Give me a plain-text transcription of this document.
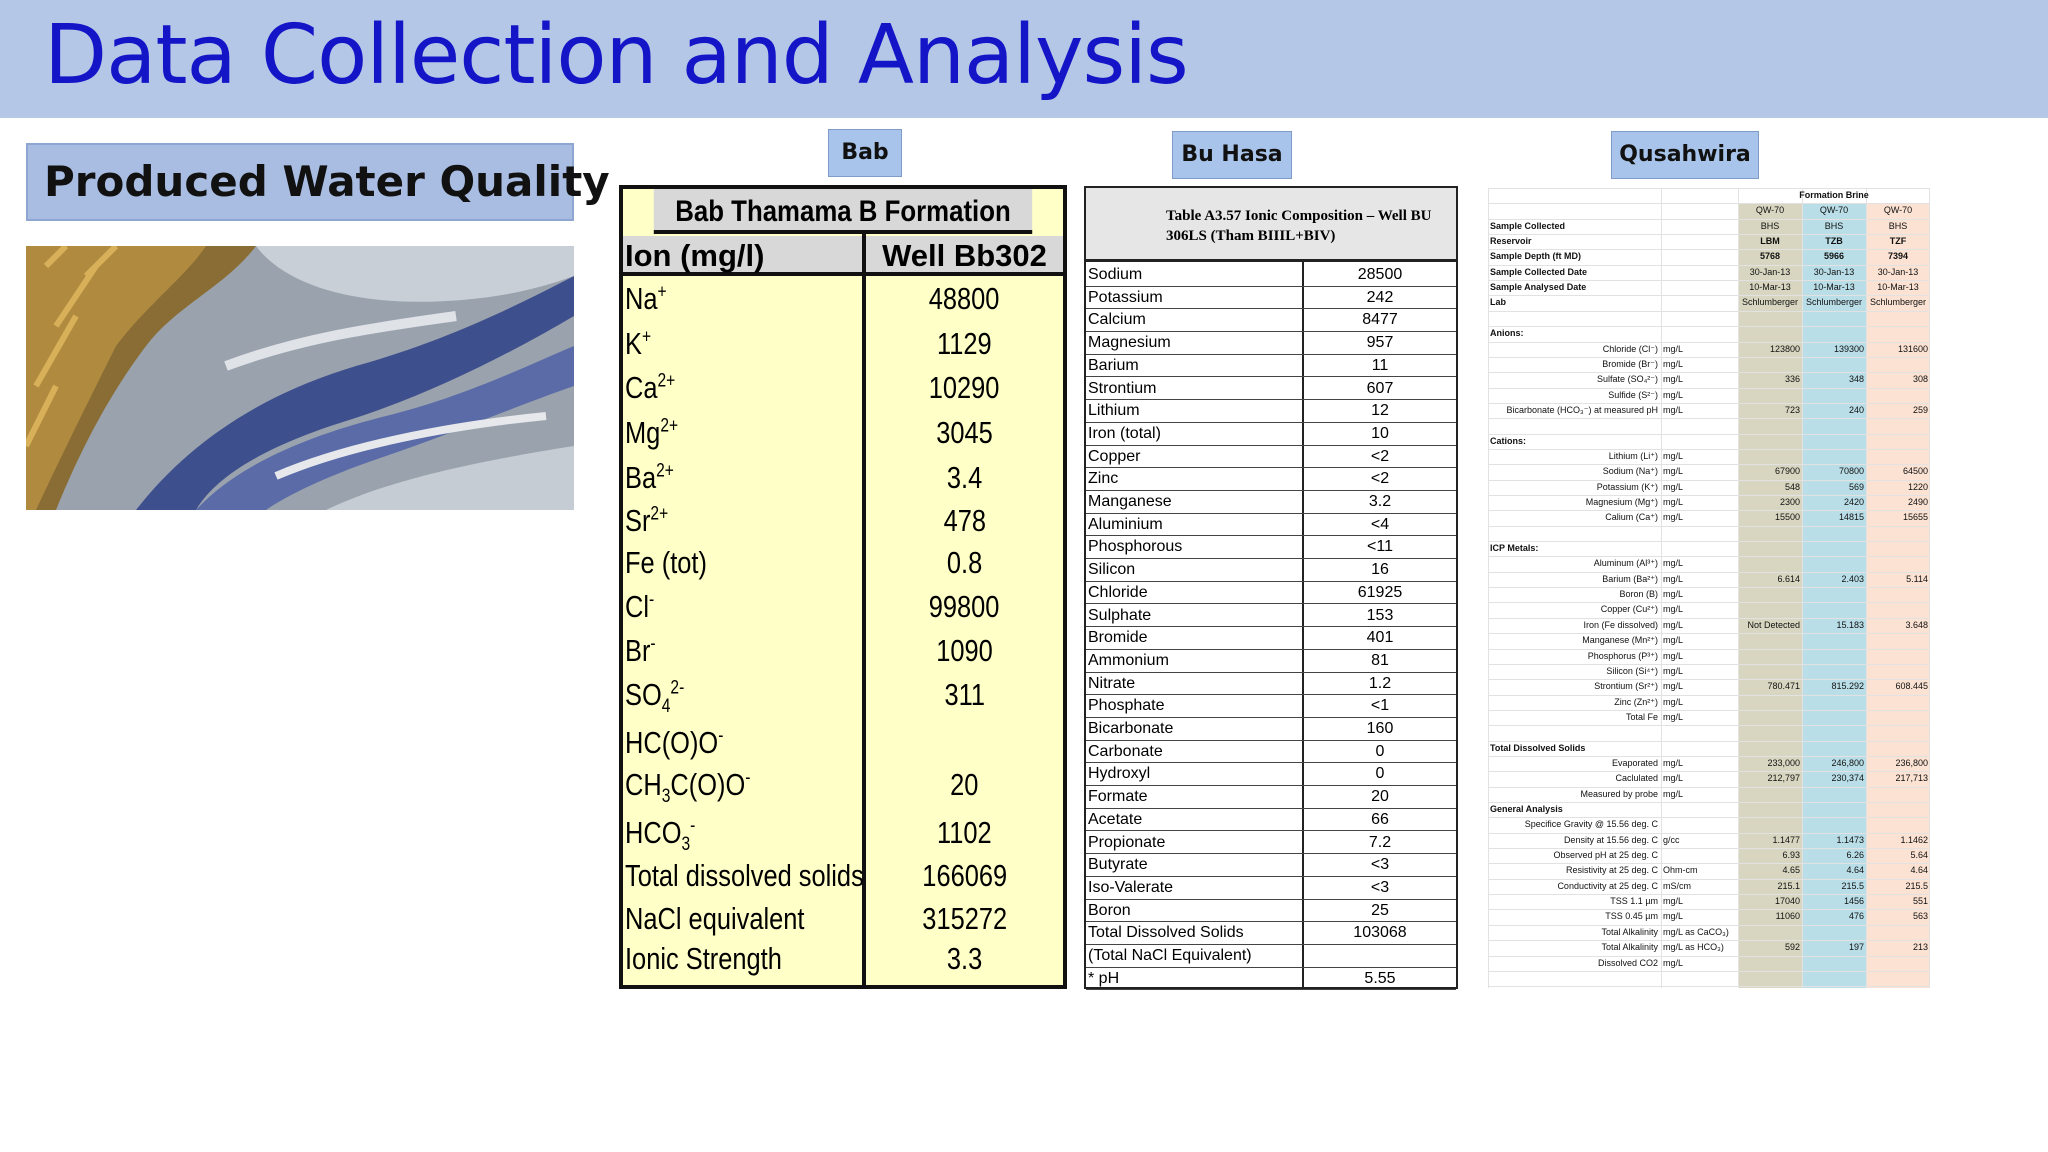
Data Collection and Analysis
Produced Water Quality
Bab	Bu Hasa	Qusahwira
Bab Thamama B Formation
Ion (mg/l)	Well Bb302
Na+	48800
K+	1129
$Ca^{2+}$	10290
$Mg^{2+}$	3045
$Ba^{2+}$	3.4
$Sr^{2+}$	478
Fe (tot)	0.8
Cl-	99800
Br-	1090
$SO_4^{2-}$	311
HC(O)O-
$CH_3C(O)O^-$	20
$HCO_3^-$	1102
Total dissolved solids	166069
NaCl equivalent	315272
Ionic Strength	3.3
Table A3.57 Ionic Composition – Well BU 306LS (Tham BIIIL+BIV)
Sodium	28500
Potassium	242
Calcium	8477
Magnesium	957
Barium	11
Strontium	607
Lithium	12
Iron (total)	10
Copper	<2
Zinc	<2
Manganese	3.2
Aluminium	<4
Phosphorous	<11
Silicon	16
Chloride	61925
Sulphate	153
Bromide	401
Ammonium	81
Nitrate	1.2
Phosphate	<1
Bicarbonate	160
Carbonate	0
Hydroxyl	0
Formate	20
Acetate	66
Propionate	7.2
Butyrate	<3
Iso-Valerate	<3
Boron	25
Total Dissolved Solids	103068
(Total NaCl Equivalent)
* pH	5.55
Formation Brine
QW-70	QW-70	QW-70
Sample Collected	BHS	BHS	BHS
Reservoir	LBM	TZB	TZF
Sample Depth (ft MD)	5768	5966	7394
Sample Collected Date	30-Jan-13	30-Jan-13	30-Jan-13
Sample Analysed Date	10-Mar-13	10-Mar-13	10-Mar-13
Lab	Schlumberger Schlumberger Schlumberger
Anions:
Chloride (Cl⁻) mg/L	123800	139300	131600
Bromide (Br⁻) mg/L
Sulfate (SO₄²⁻) mg/L	336	348	308
Sulfide (S²⁻) mg/L
Bicarbonate (HCO₃⁻) at measured pH mg/L	723	240	259
Cations:
Lithium (Li⁺) mg/L
Sodium (Na⁺) mg/L	67900	70800	64500
Potassium (K⁺) mg/L	548	569	1220
Magnesium (Mg⁺) mg/L	2300	2420	2490
Calium (Ca⁺) mg/L	15500	14815	15655
ICP Metals:
Aluminum (Al³⁺) mg/L
Barium (Ba²⁺) mg/L	6.614	2.403	5.114
Boron (B) mg/L
Copper (Cu²⁺) mg/L
Iron (Fe dissolved) mg/L	Not Detected	15.183	3.648
Manganese (Mn²⁺) mg/L
Phosphorus (P³⁺) mg/L
Silicon (Si⁴⁺) mg/L
Strontium (Sr²⁺) mg/L	780.471	815.292	608.445
Zinc (Zn²⁺) mg/L
Total Fe mg/L
Total Dissolved Solids
Evaporated mg/L	233,000	246,800	236,800
Caclulated mg/L	212,797	230,374	217,713
Measured by probe mg/L
General Analysis
Specifice Gravity @ 15.56 deg. C
Density at 15.56 deg. C g/cc	1.1477	1.1473	1.1462
Observed pH at 25 deg. C	6.93	6.26	5.64
Resistivity at 25 deg. C Ohm-cm	4.65	4.64	4.64
Conductivity at 25 deg. C mS/cm	215.1	215.5	215.5
TSS 1.1 µm mg/L	17040	1456	551
TSS 0.45 µm mg/L	11060	476	563
Total Alkalinity mg/L as CaCO₃)
Total Alkalinity mg/L as HCO₃)	592	197	213
Dissolved CO2 mg/L
